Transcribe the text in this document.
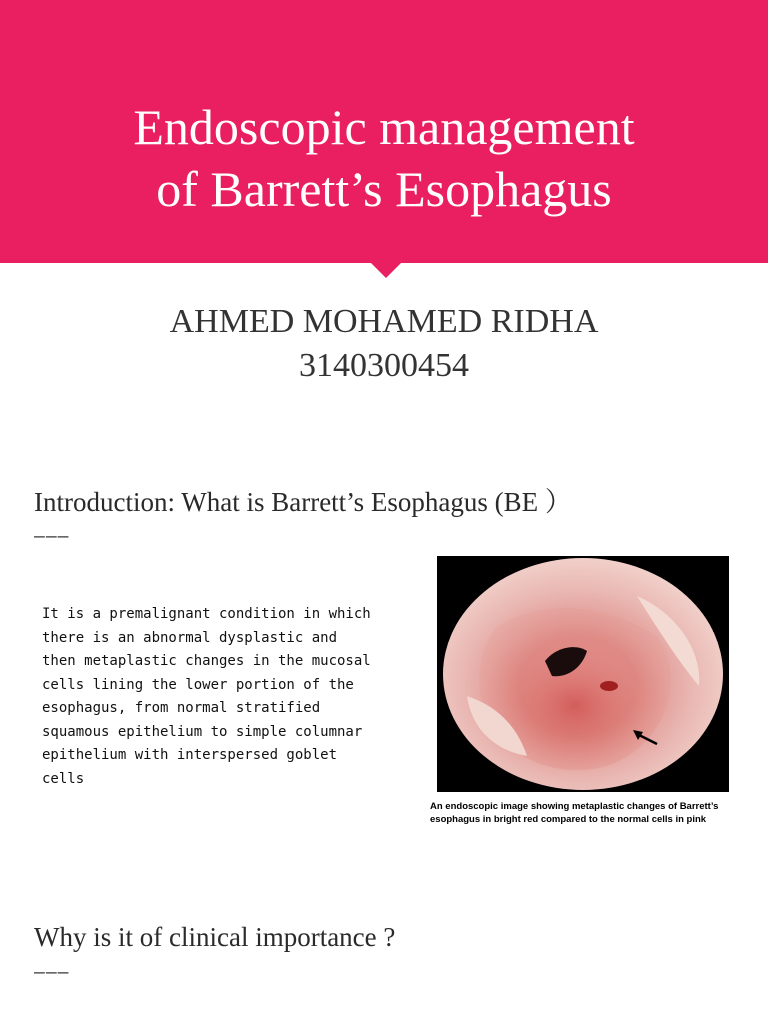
Endoscopic management
of Barrett’s Esophagus
AHMED MOHAMED RIDHA
3140300454
Introduction: What is Barrett’s Esophagus (BE ）
–––
It is a premalignant condition in which
there is an abnormal dysplastic and
then metaplastic changes in the mucosal
cells lining the lower portion of the
esophagus, from normal stratified
squamous epithelium to simple columnar
epithelium with interspersed goblet
cells
An endoscopic image showing metaplastic changes of Barrett’s esophagus in bright red compared to the normal cells in pink
Why is it of clinical importance ?
–––
